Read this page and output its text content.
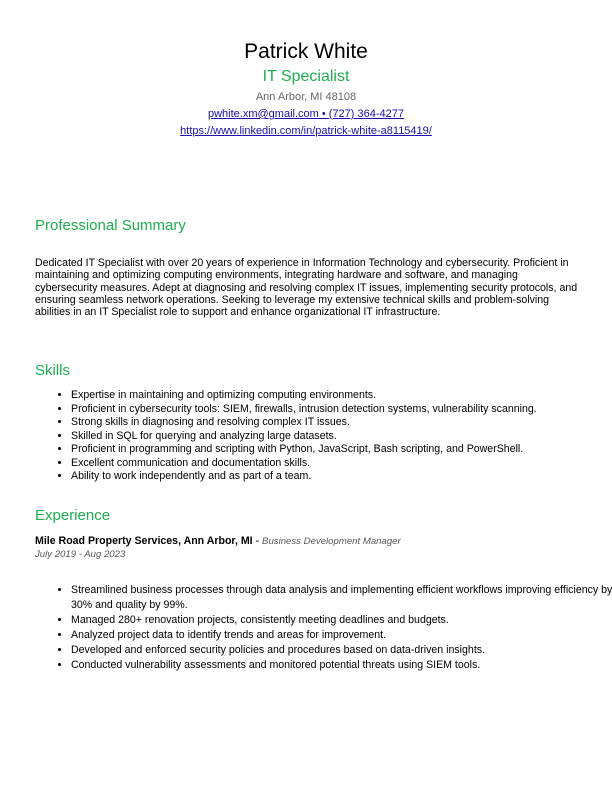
Patrick White
IT Specialist
Ann Arbor, MI 48108
pwhite.xm@gmail.com • (727) 364-4277
https://www.linkedin.com/in/patrick-white-a8115419/
Professional Summary
Dedicated IT Specialist with over 20 years of experience in Information Technology and cybersecurity. Proficient in maintaining and optimizing computing environments, integrating hardware and software, and managing cybersecurity measures. Adept at diagnosing and resolving complex IT issues, implementing security protocols, and ensuring seamless network operations. Seeking to leverage my extensive technical skills and problem-solving abilities in an IT Specialist role to support and enhance organizational IT infrastructure.
Skills
• Expertise in maintaining and optimizing computing environments.
• Proficient in cybersecurity tools: SIEM, firewalls, intrusion detection systems, vulnerability scanning.
• Strong skills in diagnosing and resolving complex IT issues.
• Skilled in SQL for querying and analyzing large datasets.
• Proficient in programming and scripting with Python, JavaScript, Bash scripting, and PowerShell.
• Excellent communication and documentation skills.
• Ability to work independently and as part of a team.
Experience
Mile Road Property Services, Ann Arbor, MI - Business Development Manager
July 2019 - Aug 2023
• Streamlined business processes through data analysis and implementing efficient workflows improving efficiency by 30% and quality by 99%.
• Managed 280+ renovation projects, consistently meeting deadlines and budgets.
• Analyzed project data to identify trends and areas for improvement.
• Developed and enforced security policies and procedures based on data-driven insights.
• Conducted vulnerability assessments and monitored potential threats using SIEM tools.
